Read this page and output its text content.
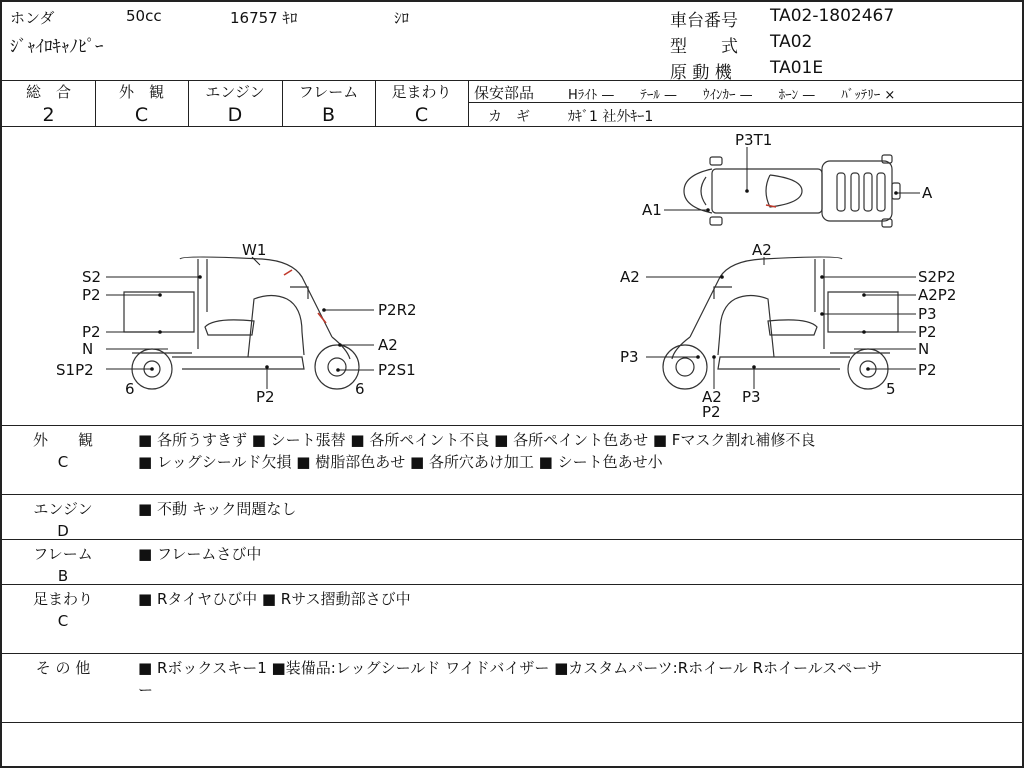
ホンダ	50cc	16757 ｷﾛ	ｼﾛ
ｼﾞｬｲﾛｷｬﾉﾋﾟｰ
車台番号 TA02-1802467
型　　式 TA02
原 動 機 TA01E
総　合
2
外　観
C
エンジン
D
フレーム
B
足まわり
C
保安部品	Hﾗｲﾄ —　　ﾃｰﾙ —　　ｳｲﾝｶｰ —　　ﾎｰﾝ —　　ﾊﾞｯﾃﾘｰ ×
カ　ギ	ｶｷﾞ1 社外ｷｰ1
P3T1
A1
A
W1
S2
P2
P2
N
S1P2
6
P2R2
A2
P2S1
P2	6
A2
A2	S2P2
A2P2
P3
P2
N
P2
5
P3
A2
P2
P3
外　　観
C
■ 各所うすきず ■ シート張替 ■ 各所ペイント不良 ■ 各所ペイント色あせ ■ Fマスク割れ補修不良
■ レッグシールド欠損 ■ 樹脂部色あせ ■ 各所穴あけ加工 ■ シート色あせ小
エンジン
D
■ 不動 キック問題なし
フレーム
B
■ フレームさび中
足まわり
C
■ Rタイヤひび中 ■ Rサス摺動部さび中
そ の 他	■ Rボックスキー1 ■装備品:レッグシールド ワイドバイザー ■カスタムパーツ:Rホイール Rホイールスペーサ
ー
